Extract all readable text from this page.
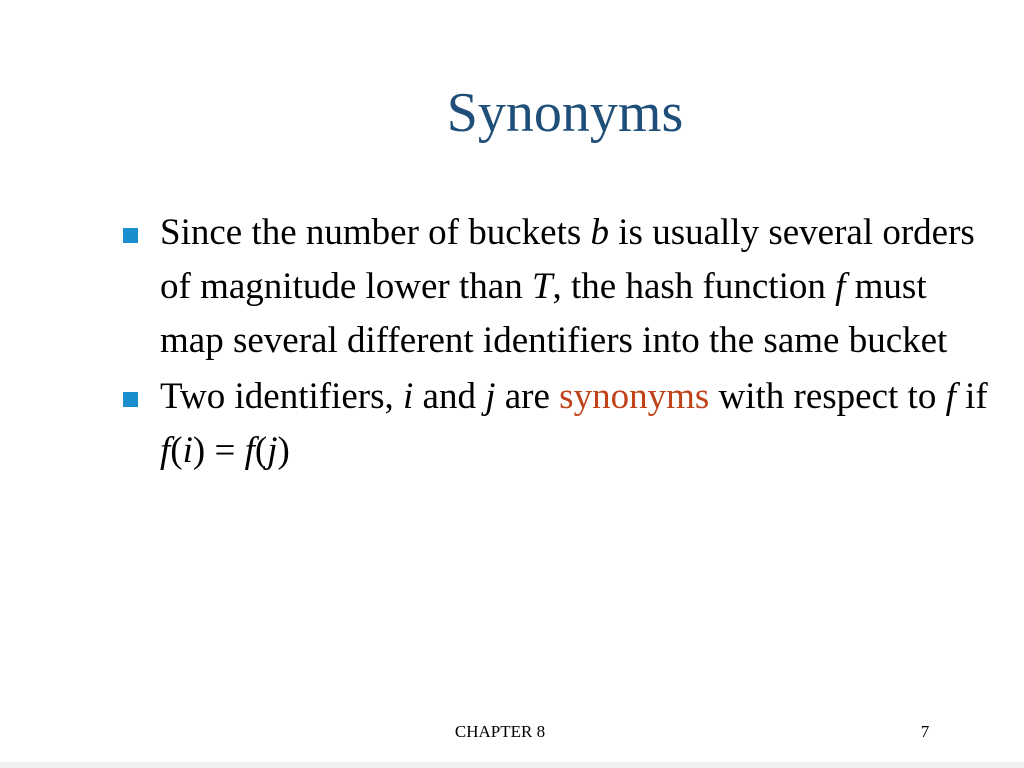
Synonyms
Since the number of buckets b is usually several orders of magnitude lower than T, the hash function f must map several different identifiers into the same bucket
Two identifiers, i and j are synonyms with respect to f if f(i) = f(j)
CHAPTER 8	7
